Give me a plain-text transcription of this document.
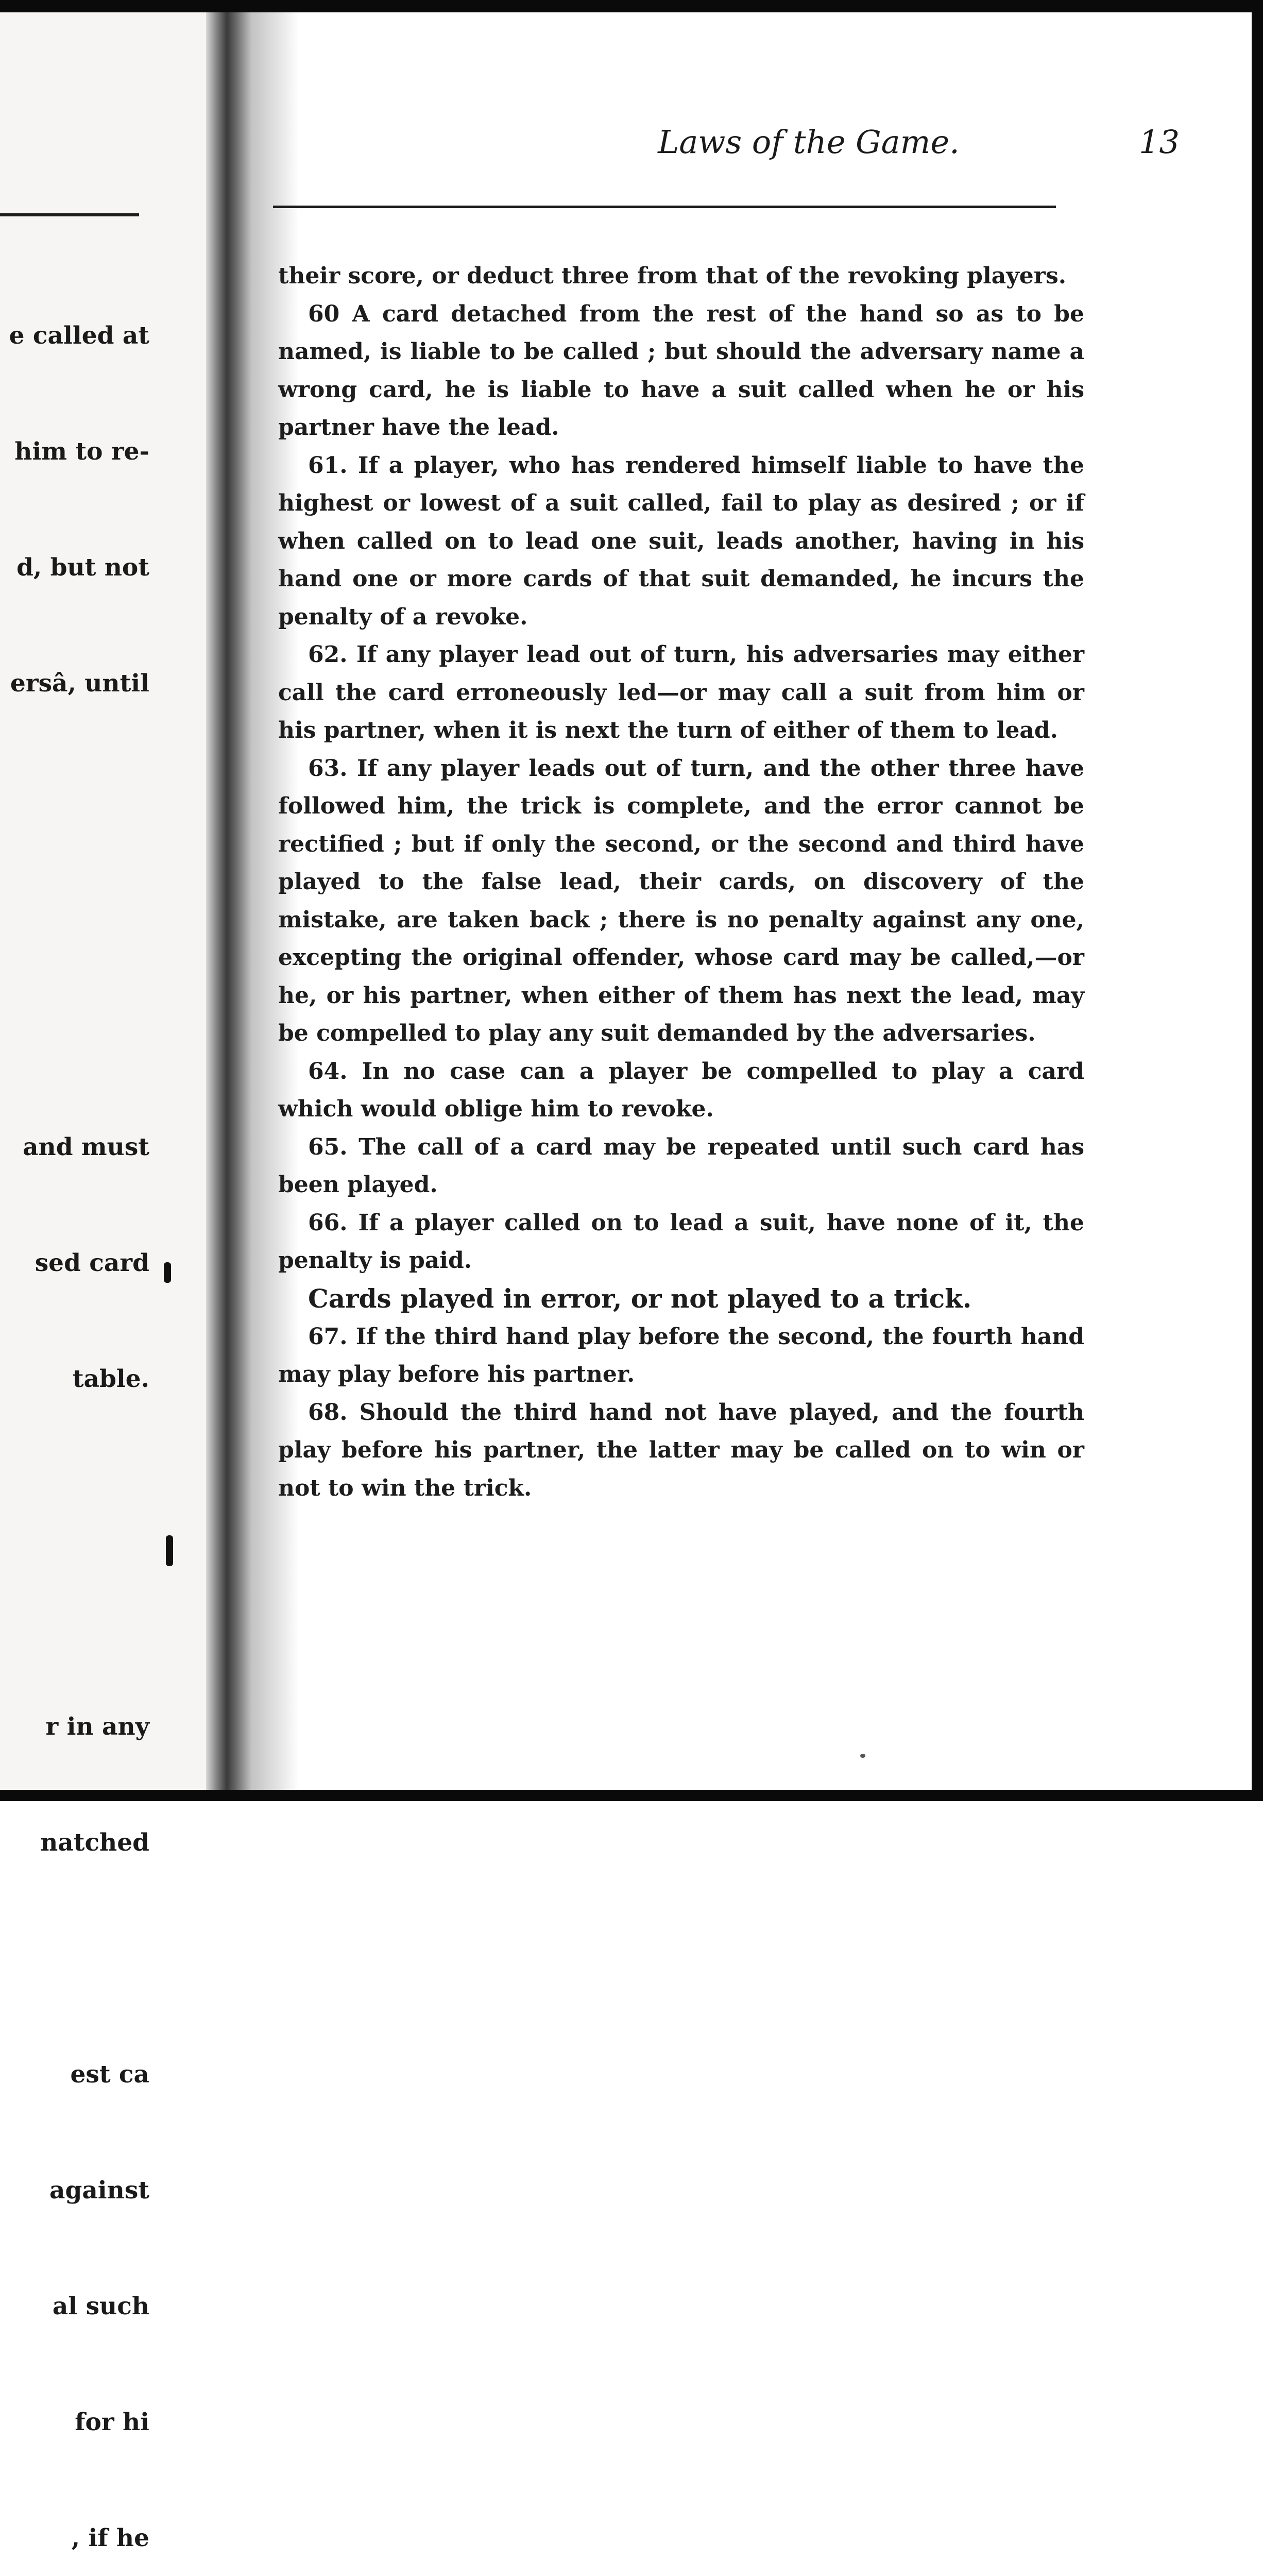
e called at

him to re-

d, but not

ersâ, until

and must

sed card

table.

r in any

natched

est ca

against

al such

for hi

, if he

Laws of the Game.	13

their score, or deduct three from that of the revoking players.

60 A card detached from the rest of the hand so as to be named, is liable to be called ; but should the adversary name a wrong card, he is liable to have a suit called when he or his partner have the lead.

61. If a player, who has rendered himself liable to have the highest or lowest of a suit called, fail to play as desired ; or if when called on to lead one suit, leads another, having in his hand one or more cards of that suit demanded, he incurs the penalty of a revoke.

62. If any player lead out of turn, his adversaries may either call the card erroneously led—or may call a suit from him or his partner, when it is next the turn of either of them to lead.

63. If any player leads out of turn, and the other three have followed him, the trick is complete, and the error cannot be rectified ; but if only the second, or the second and third have played to the false lead, their cards, on discovery of the mistake, are taken back ; there is no penalty against any one, excepting the original offender, whose card may be called,—or he, or his partner, when either of them has next the lead, may be compelled to play any suit demanded by the adversaries.

64. In no case can a player be compelled to play a card which would oblige him to revoke.

65. The call of a card may be repeated until such card has been played.

66. If a player called on to lead a suit, have none of it, the penalty is paid.

Cards played in error, or not played to a trick.

67. If the third hand play before the second, the fourth hand may play before his partner.

68. Should the third hand not have played, and the fourth play before his partner, the latter may be called on to win or not to win the trick.
